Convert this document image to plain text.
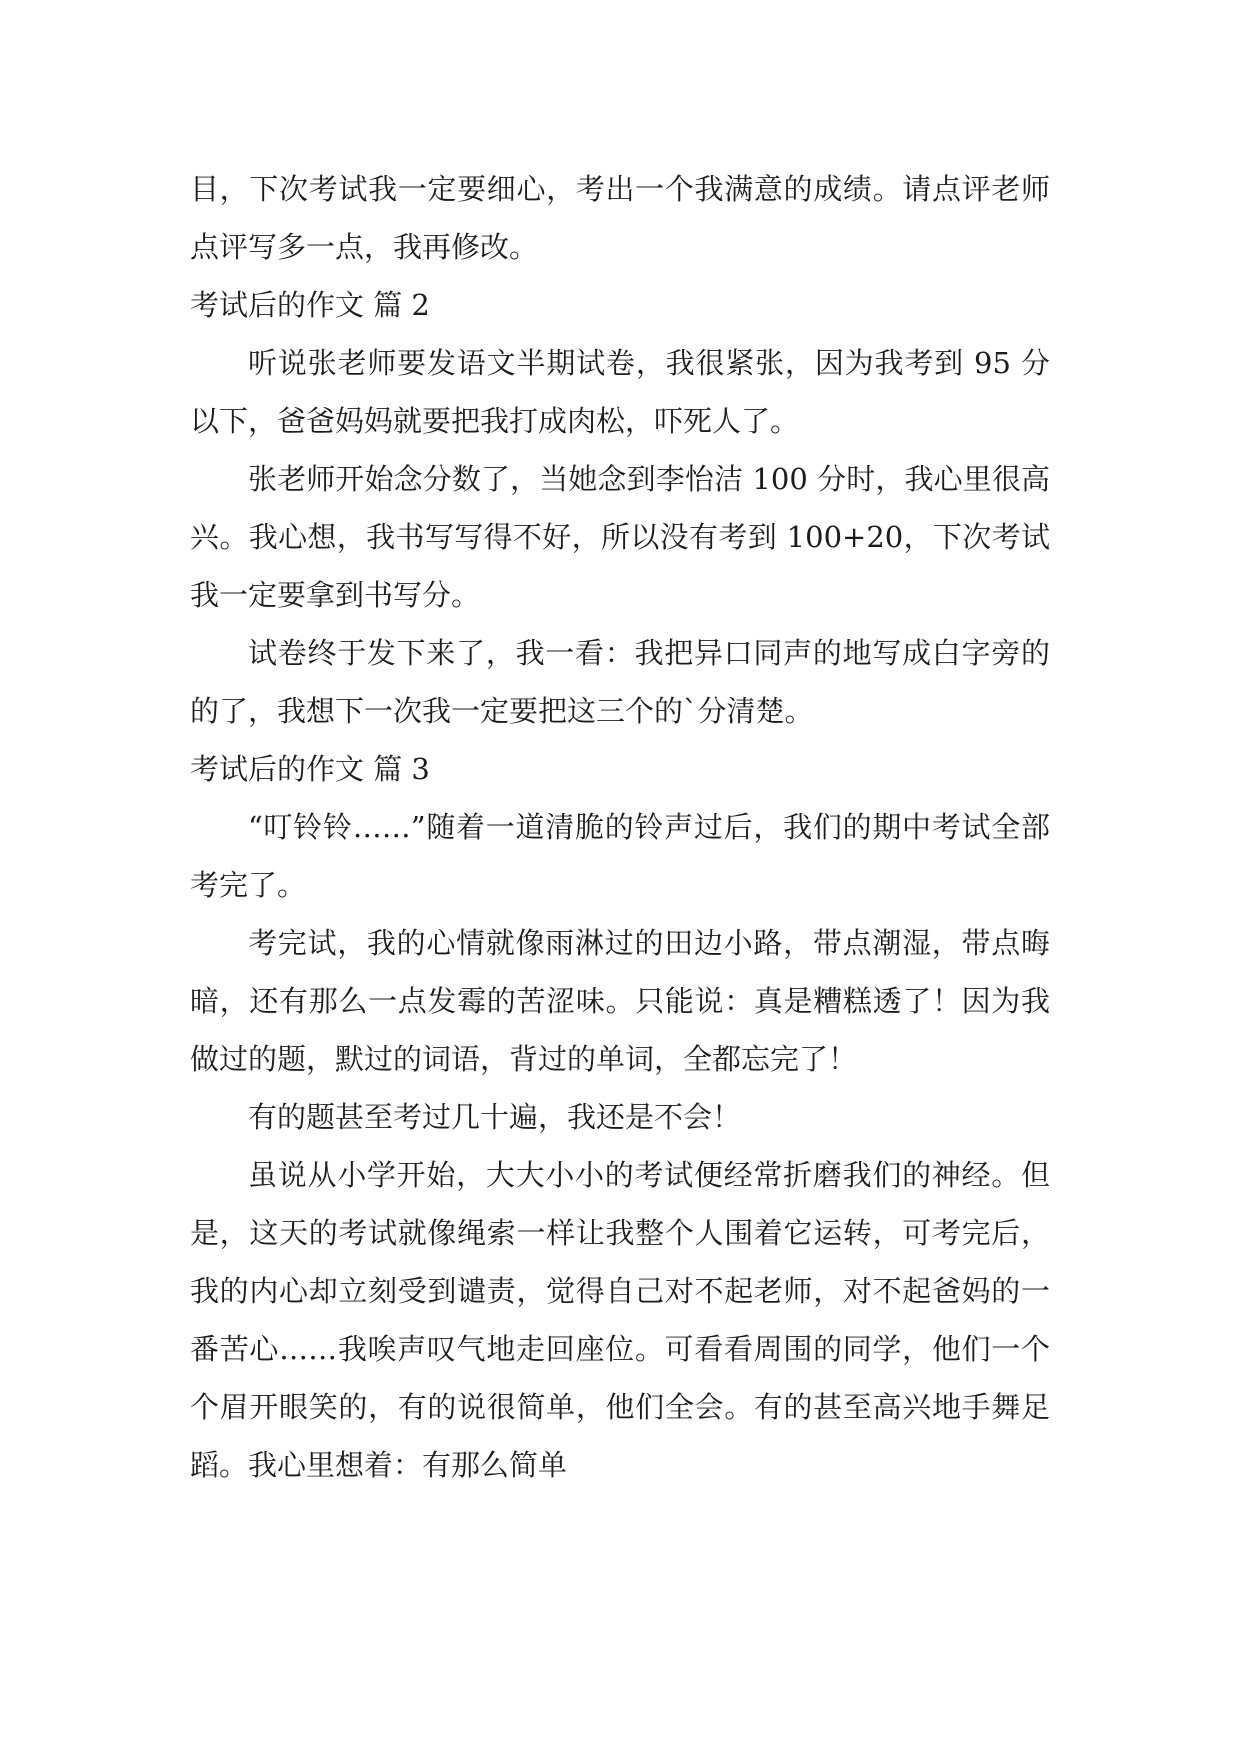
目，下次考试我一定要细心，考出一个我满意的成绩。请点评老师点评写多一点，我再修改。

考试后的作文 篇 2

听说张老师要发语文半期试卷，我很紧张，因为我考到 95 分以下，爸爸妈妈就要把我打成肉松，吓死人了。

张老师开始念分数了，当她念到李怡洁 100 分时，我心里很高兴。我心想，我书写写得不好，所以没有考到 100+20，下次考试我一定要拿到书写分。

试卷终于发下来了，我一看：我把异口同声的地写成白字旁的的了，我想下一次我一定要把这三个的`分清楚。

考试后的作文 篇 3

“叮铃铃……”随着一道清脆的铃声过后，我们的期中考试全部考完了。

考完试，我的心情就像雨淋过的田边小路，带点潮湿，带点晦暗，还有那么一点发霉的苦涩味。只能说：真是糟糕透了！因为我做过的题，默过的词语，背过的单词，全都忘完了！

有的题甚至考过几十遍，我还是不会！

虽说从小学开始，大大小小的考试便经常折磨我们的神经。但是，这天的考试就像绳索一样让我整个人围着它运转，可考完后，我的内心却立刻受到谴责，觉得自己对不起老师，对不起爸妈的一番苦心……我唉声叹气地走回座位。可看看周围的同学，他们一个个眉开眼笑的，有的说很简单，他们全会。有的甚至高兴地手舞足蹈。我心里想着：有那么简单
